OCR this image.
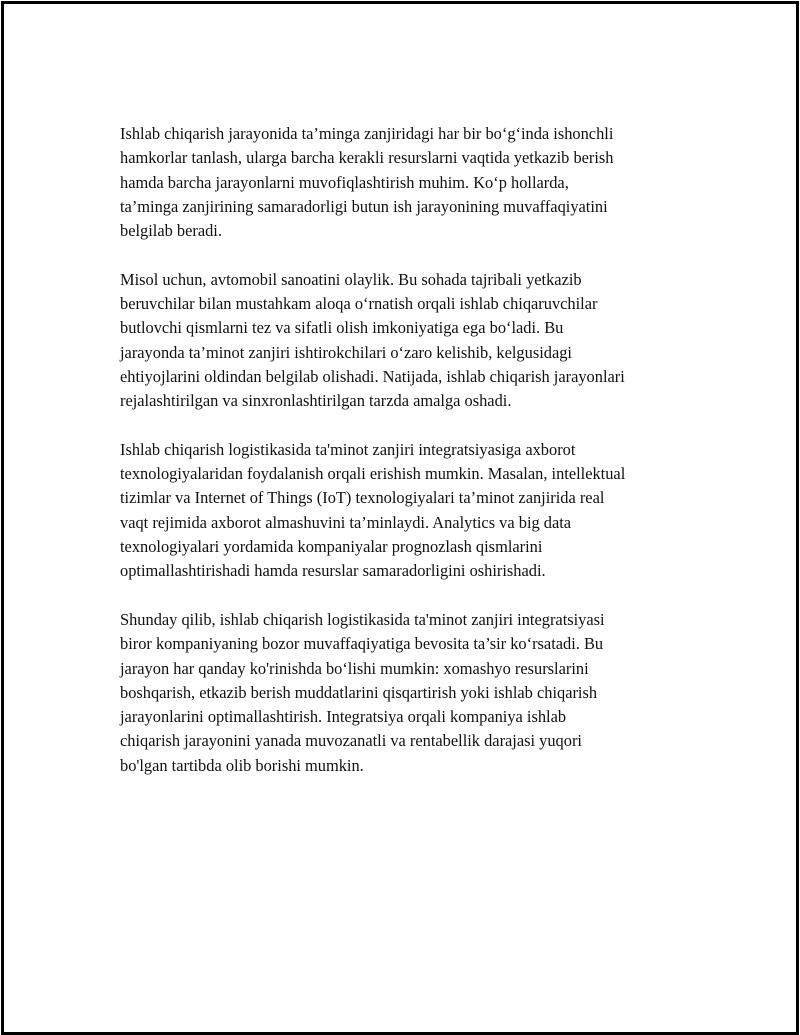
Ishlab chiqarish jarayonida ta’minga zanjiridagi har bir bo‘g‘inda ishonchli
hamkorlar tanlash, ularga barcha kerakli resurslarni vaqtida yetkazib berish
hamda barcha jarayonlarni muvofiqlashtirish muhim. Ko‘p hollarda,
ta’minga zanjirining samaradorligi butun ish jarayonining muvaffaqiyatini
belgilab beradi.

Misol uchun, avtomobil sanoatini olaylik. Bu sohada tajribali yetkazib
beruvchilar bilan mustahkam aloqa o‘rnatish orqali ishlab chiqaruvchilar
butlovchi qismlarni tez va sifatli olish imkoniyatiga ega bo‘ladi. Bu
jarayonda ta’minot zanjiri ishtirokchilari o‘zaro kelishib, kelgusidagi
ehtiyojlarini oldindan belgilab olishadi. Natijada, ishlab chiqarish jarayonlari
rejalashtirilgan va sinxronlashtirilgan tarzda amalga oshadi.

Ishlab chiqarish logistikasida ta'minot zanjiri integratsiyasiga axborot
texnologiyalaridan foydalanish orqali erishish mumkin. Masalan, intellektual
tizimlar va Internet of Things (IoT) texnologiyalari ta’minot zanjirida real
vaqt rejimida axborot almashuvini ta’minlaydi. Analytics va big data
texnologiyalari yordamida kompaniyalar prognozlash qismlarini
optimallashtirishadi hamda resurslar samaradorligini oshirishadi.

Shunday qilib, ishlab chiqarish logistikasida ta'minot zanjiri integratsiyasi
biror kompaniyaning bozor muvaffaqiyatiga bevosita ta’sir ko‘rsatadi. Bu
jarayon har qanday ko'rinishda bo‘lishi mumkin: xomashyo resurslarini
boshqarish, etkazib berish muddatlarini qisqartirish yoki ishlab chiqarish
jarayonlarini optimallashtirish. Integratsiya orqali kompaniya ishlab
chiqarish jarayonini yanada muvozanatli va rentabellik darajasi yuqori
bo'lgan tartibda olib borishi mumkin.
